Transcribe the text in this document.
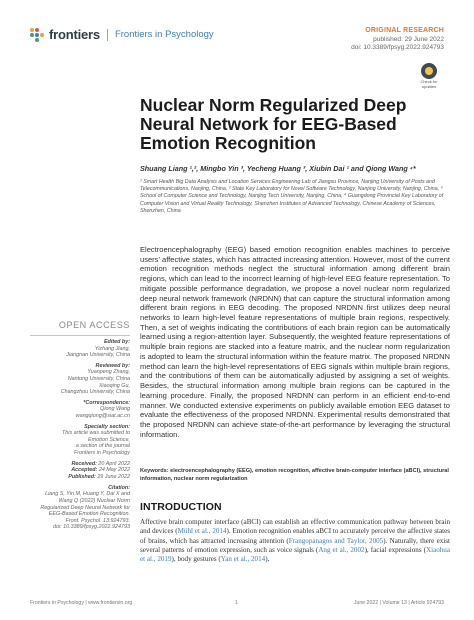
frontiers Frontiers in Psychology	ORIGINAL RESEARCH
published: 29 June 2022
doi: 10.3389/fpsyg.2022.924793
Check for updates
Nuclear Norm Regularized Deep Neural Network for EEG-Based Emotion Recognition
Shuang Liang ¹,², Mingbo Yin ³, Yecheng Huang ³, Xiubin Dai ¹ and Qiong Wang ⁴*
¹ Smart Health Big Data Analysis and Location Services Engineering Lab of Jiangsu Province, Nanjing University of Posts and Telecommunications, Nanjing, China, ² State Key Laboratory for Novel Software Technology, Nanjing University, Nanjing, China, ³ School of Computer Science and Technology, Nanjing Tech University, Nanjing, China, ⁴ Guangdong Provincial Key Laboratory of Computer Vision and Virtual Reality Technology, Shenzhen Institutes of Advanced Technology, Chinese Academy of Sciences, Shenzhen, China
Electroencephalography (EEG) based emotion recognition enables machines to perceive users' affective states, which has attracted increasing attention. However, most of the current emotion recognition methods neglect the structural information among different brain regions, which can lead to the incorrect learning of high-level EEG feature representation. To mitigate possible performance degradation, we propose a novel nuclear norm regularized deep neural network framework (NRDNN) that can capture the structural information among different brain regions in EEG decoding. The proposed NRDNN first utilizes deep neural networks to learn high-level feature representations of multiple brain regions, respectively. Then, a set of weights indicating the contributions of each brain region can be automatically learned using a region-attention layer. Subsequently, the weighted feature representations of multiple brain regions are stacked into a feature matrix, and the nuclear norm regularization is adopted to learn the structural information within the feature matrix. The proposed NRDNN method can learn the high-level representations of EEG signals within multiple brain regions, and the contributions of them can be automatically adjusted by assigning a set of weights. Besides, the structural information among multiple brain regions can be captured in the learning procedure. Finally, the proposed NRDNN can perform in an efficient end-to-end manner. We conducted extensive experiments on publicly available emotion EEG dataset to evaluate the effectiveness of the proposed NRDNN. Experimental results demonstrated that the proposed NRDNN can achieve state-of-the-art performance by leveraging the structural information.
Keywords: electroencephalography (EEG), emotion recognition, affective brain-computer interface (aBCI), structural information, nuclear norm regularization
OPEN ACCESS
Edited by:
Yizhang Jiang,
Jiangnan University, China
Reviewed by:
Yuanpeng Zhang,
Nantong University, China
Xiaoqing Gu,
Changzhou University, China
*Correspondence:
Qiong Wang
wangqiong@siat.ac.cn
Specialty section:
This article was submitted to
Emotion Science,
a section of the journal
Frontiers in Psychology
Received: 20 April 2022
Accepted: 24 May 2022
Published: 29 June 2022
Citation:
Liang S, Yin M, Huang Y, Dai X and
Wang Q (2022) Nuclear Norm
Regularized Deep Neural Network for
EEG-Based Emotion Recognition.
Front. Psychol. 13:924793.
doi: 10.3389/fpsyg.2022.924793
INTRODUCTION

Affective brain computer interface (aBCI) can establish an effective communication pathway between brain and devices (Mühl et al., 2014). Emotion recognition enables aBCI to accurately perceive the affective states of brains, which has attracted increasing attention (Frangopanagos and Taylor, 2005). Naturally, there exist several patterns of emotion expression, such as voice signals (Ang et al., 2002), facial expressions (Xiaohua et al., 2019), body gestures (Yan et al., 2014),

Frontiers in Psychology | www.frontiersin.org	1	June 2022 | Volume 13 | Article 924793
